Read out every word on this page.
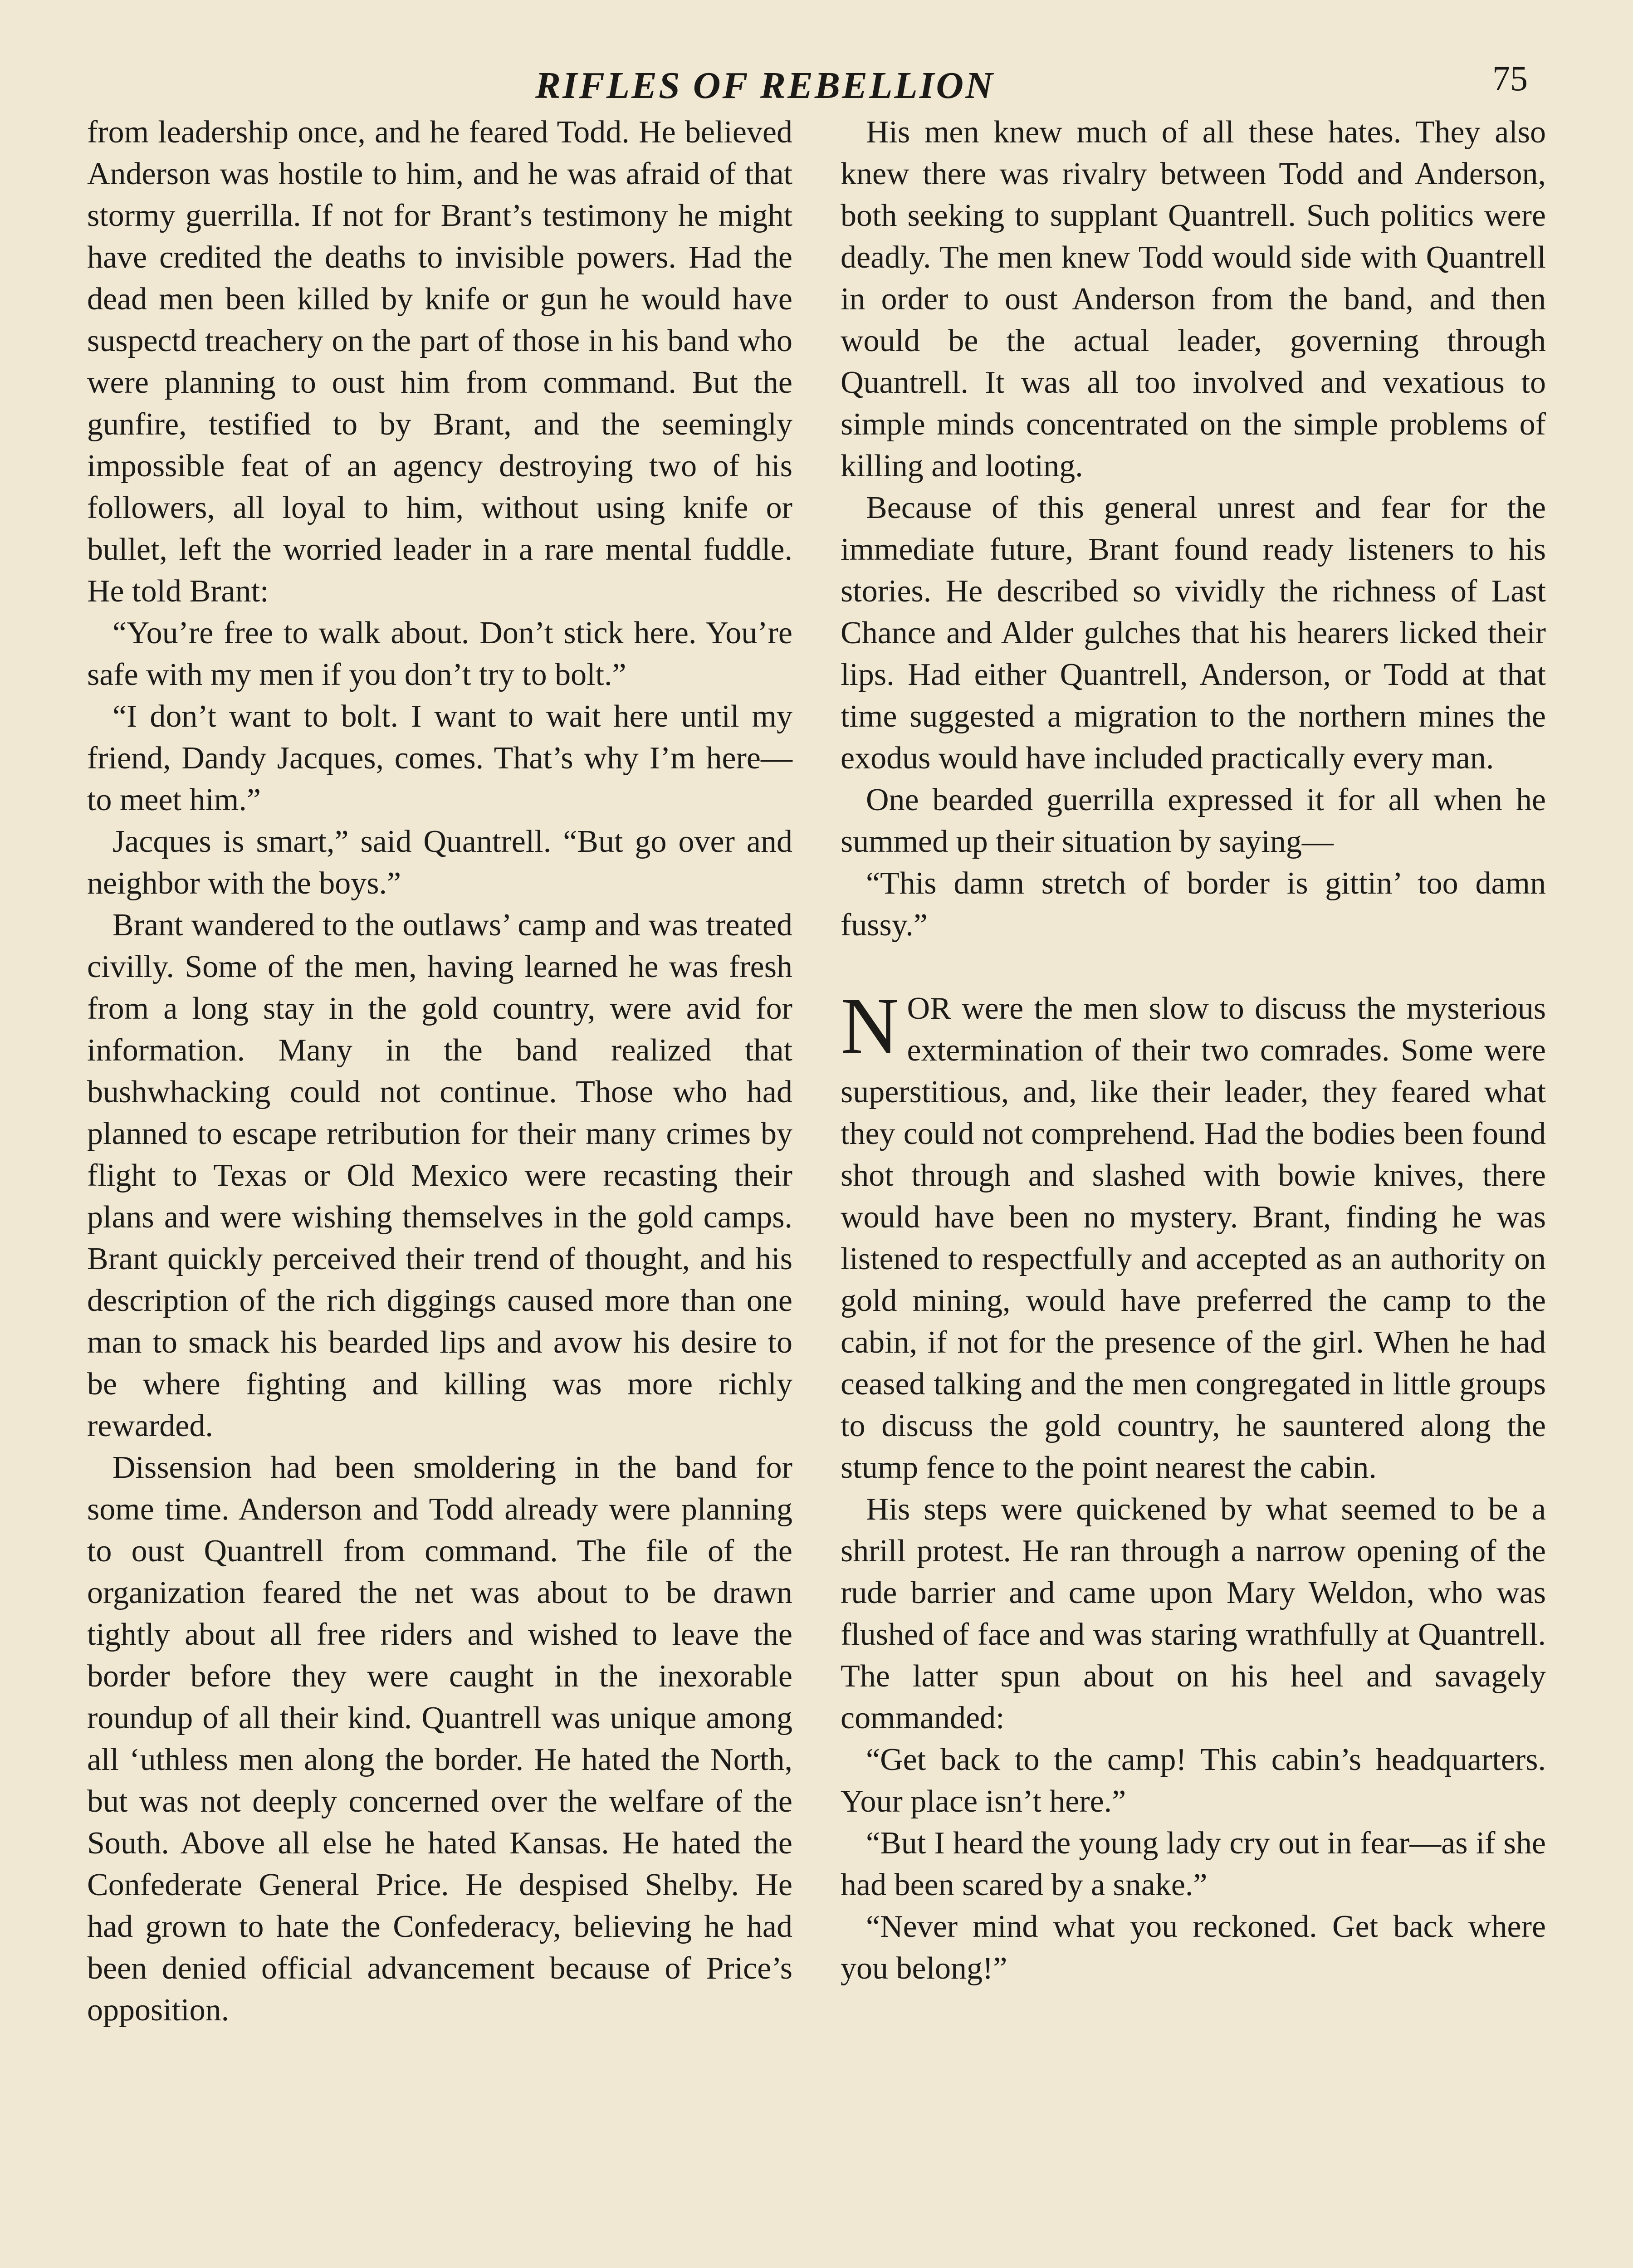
RIFLES OF REBELLION	75

from leadership once, and he feared Todd. He believed Anderson was hostile to him, and he was afraid of that stormy guerrilla. If not for Brant’s testimony he might have credited the deaths to invisible powers. Had the dead men been killed by knife or gun he would have suspectd treachery on the part of those in his band who were planning to oust him from command. But the gunfire, testified to by Brant, and the seemingly impossible feat of an agency destroying two of his followers, all loyal to him, without using knife or bullet, left the worried leader in a rare mental fuddle. He told Brant:

“You’re free to walk about. Don’t stick here. You’re safe with my men if you don’t try to bolt.”

“I don’t want to bolt. I want to wait here until my friend, Dandy Jacques, comes. That’s why I’m here—to meet him.”

Jacques is smart,” said Quantrell. “But go over and neighbor with the boys.”

Brant wandered to the outlaws’ camp and was treated civilly. Some of the men, having learned he was fresh from a long stay in the gold country, were avid for information. Many in the band realized that bushwhacking could not continue. Those who had planned to escape retribution for their many crimes by flight to Texas or Old Mexico were recasting their plans and were wishing themselves in the gold camps. Brant quickly perceived their trend of thought, and his description of the rich diggings caused more than one man to smack his bearded lips and avow his desire to be where fighting and killing was more richly rewarded.

Dissension had been smoldering in the band for some time. Anderson and Todd already were planning to oust Quantrell from command. The file of the organization feared the net was about to be drawn tightly about all free riders and wished to leave the border before they were caught in the inexorable roundup of all their kind. Quantrell was unique among all ‘uthless men along the border. He hated the North, but was not deeply concerned over the welfare of the South. Above all else he hated Kansas. He hated the Confederate General Price. He despised Shelby. He had grown to hate the Confederacy, believing he had been denied official advancement because of Price’s opposition.

His men knew much of all these hates. They also knew there was rivalry between Todd and Anderson, both seeking to supplant Quantrell. Such politics were deadly. The men knew Todd would side with Quantrell in order to oust Anderson from the band, and then would be the actual leader, governing through Quantrell. It was all too involved and vexatious to simple minds concentrated on the simple problems of killing and looting.

Because of this general unrest and fear for the immediate future, Brant found ready listeners to his stories. He described so vividly the richness of Last Chance and Alder gulches that his hearers licked their lips. Had either Quantrell, Anderson, or Todd at that time suggested a migration to the northern mines the exodus would have included practically every man.

One bearded guerrilla expressed it for all when he summed up their situation by saying—

“This damn stretch of border is gittin’ too damn fussy.”

NOR were the men slow to discuss the mysterious extermination of their two comrades. Some were superstitious, and, like their leader, they feared what they could not comprehend. Had the bodies been found shot through and slashed with bowie knives, there would have been no mystery. Brant, finding he was listened to respectfully and accepted as an authority on gold mining, would have preferred the camp to the cabin, if not for the presence of the girl. When he had ceased talking and the men congregated in little groups to discuss the gold country, he sauntered along the stump fence to the point nearest the cabin.

His steps were quickened by what seemed to be a shrill protest. He ran through a narrow opening of the rude barrier and came upon Mary Weldon, who was flushed of face and was staring wrathfully at Quantrell. The latter spun about on his heel and savagely commanded:

“Get back to the camp! This cabin’s headquarters. Your place isn’t here.”

“But I heard the young lady cry out in fear—as if she had been scared by a snake.”

“Never mind what you reckoned. Get back where you belong!”
